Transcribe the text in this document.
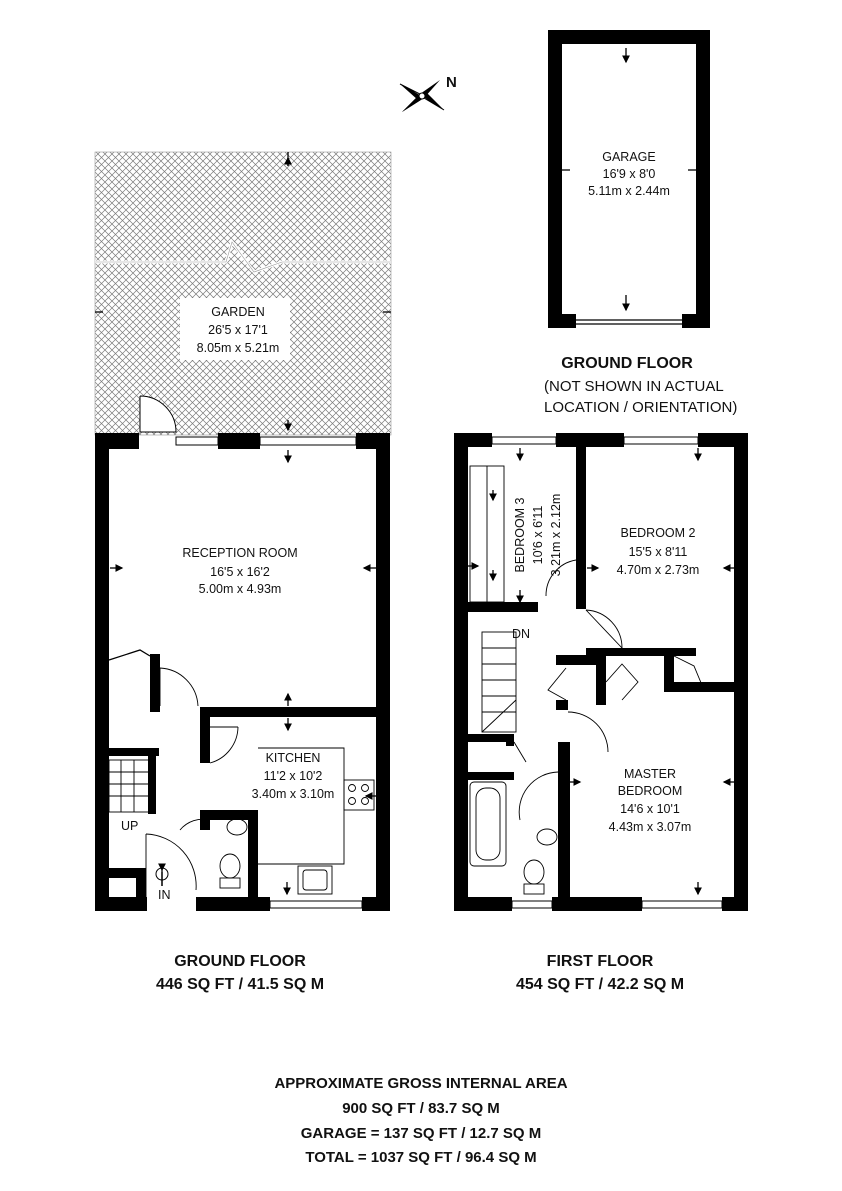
N
GARAGE
16'9 x 8'0
5.11m x 2.44m
GROUND FLOOR
(NOT SHOWN IN ACTUAL
LOCATION / ORIENTATION)
GARDEN
26'5 x 17'1
8.05m x 5.21m
RECEPTION ROOM
16'5 x 16'2
5.00m x 4.93m
KITCHEN
11'2 x 10'2
3.40m x 3.10m
UP
IN
BEDROOM 3 10'6 x 6'11 3.21m x 2.12m	BEDROOM 2
15'5 x 8'11
4.70m x 2.73m
MASTER
BEDROOM
14'6 x 10'1
4.43m x 3.07m
DN
GROUND FLOOR
446 SQ FT / 41.5 SQ M
FIRST FLOOR
454 SQ FT / 42.2 SQ M
APPROXIMATE GROSS INTERNAL AREA
900 SQ FT / 83.7 SQ M
GARAGE = 137 SQ FT / 12.7 SQ M
TOTAL = 1037 SQ FT / 96.4 SQ M
